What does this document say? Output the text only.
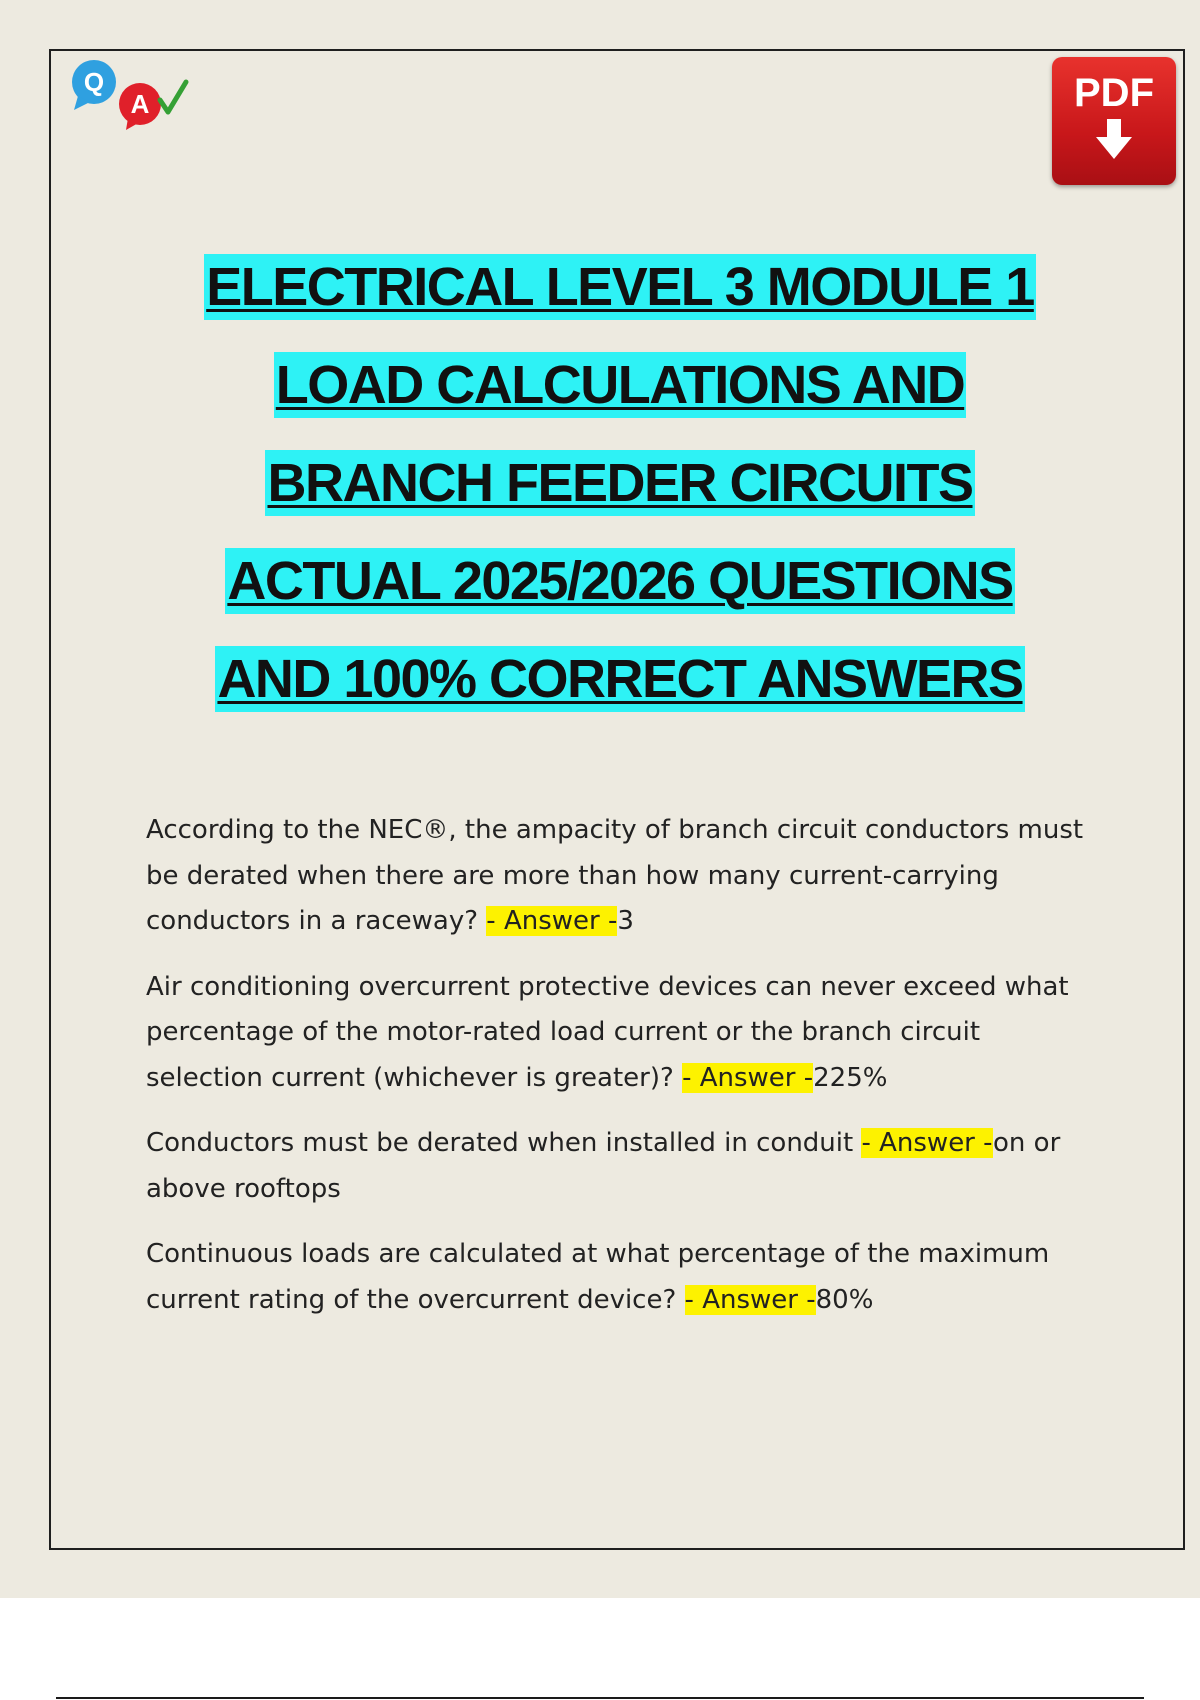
Q
A	PDF
ELECTRICAL LEVEL 3 MODULE 1
LOAD CALCULATIONS AND
BRANCH FEEDER CIRCUITS
ACTUAL 2025/2026 QUESTIONS
AND 100% CORRECT ANSWERS

According to the NEC®, the ampacity of branch circuit conductors must be derated when there are more than how many current-carrying conductors in a raceway? - Answer -3

Air conditioning overcurrent protective devices can never exceed what percentage of the motor-rated load current or the branch circuit selection current (whichever is greater)? - Answer -225%

Conductors must be derated when installed in conduit - Answer -on or above rooftops

Continuous loads are calculated at what percentage of the maximum current rating of the overcurrent device? - Answer -80%
